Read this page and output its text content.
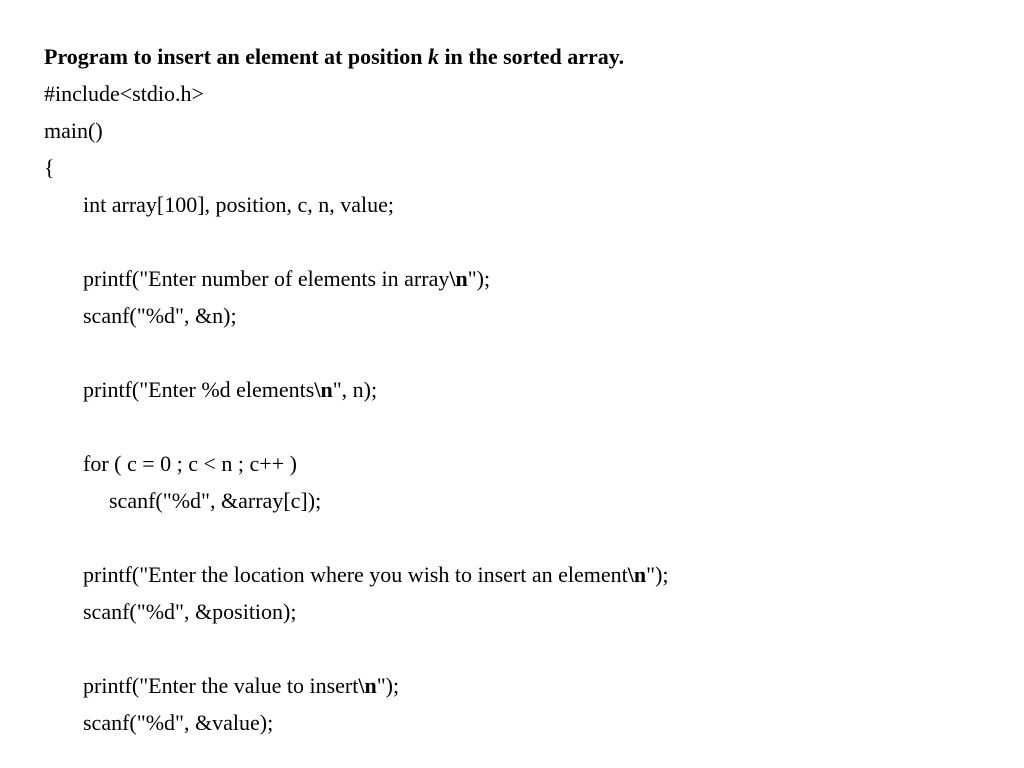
Program to insert an element at position k in the sorted array.
#include<stdio.h>
main()
{
int array[100], position, c, n, value;
printf("Enter number of elements in array\n");
scanf("%d", &n);
printf("Enter %d elements\n", n);
for ( c = 0 ; c < n ; c++ )
scanf("%d", &array[c]);
printf("Enter the location where you wish to insert an element\n");
scanf("%d", &position);
printf("Enter the value to insert\n");
scanf("%d", &value);
